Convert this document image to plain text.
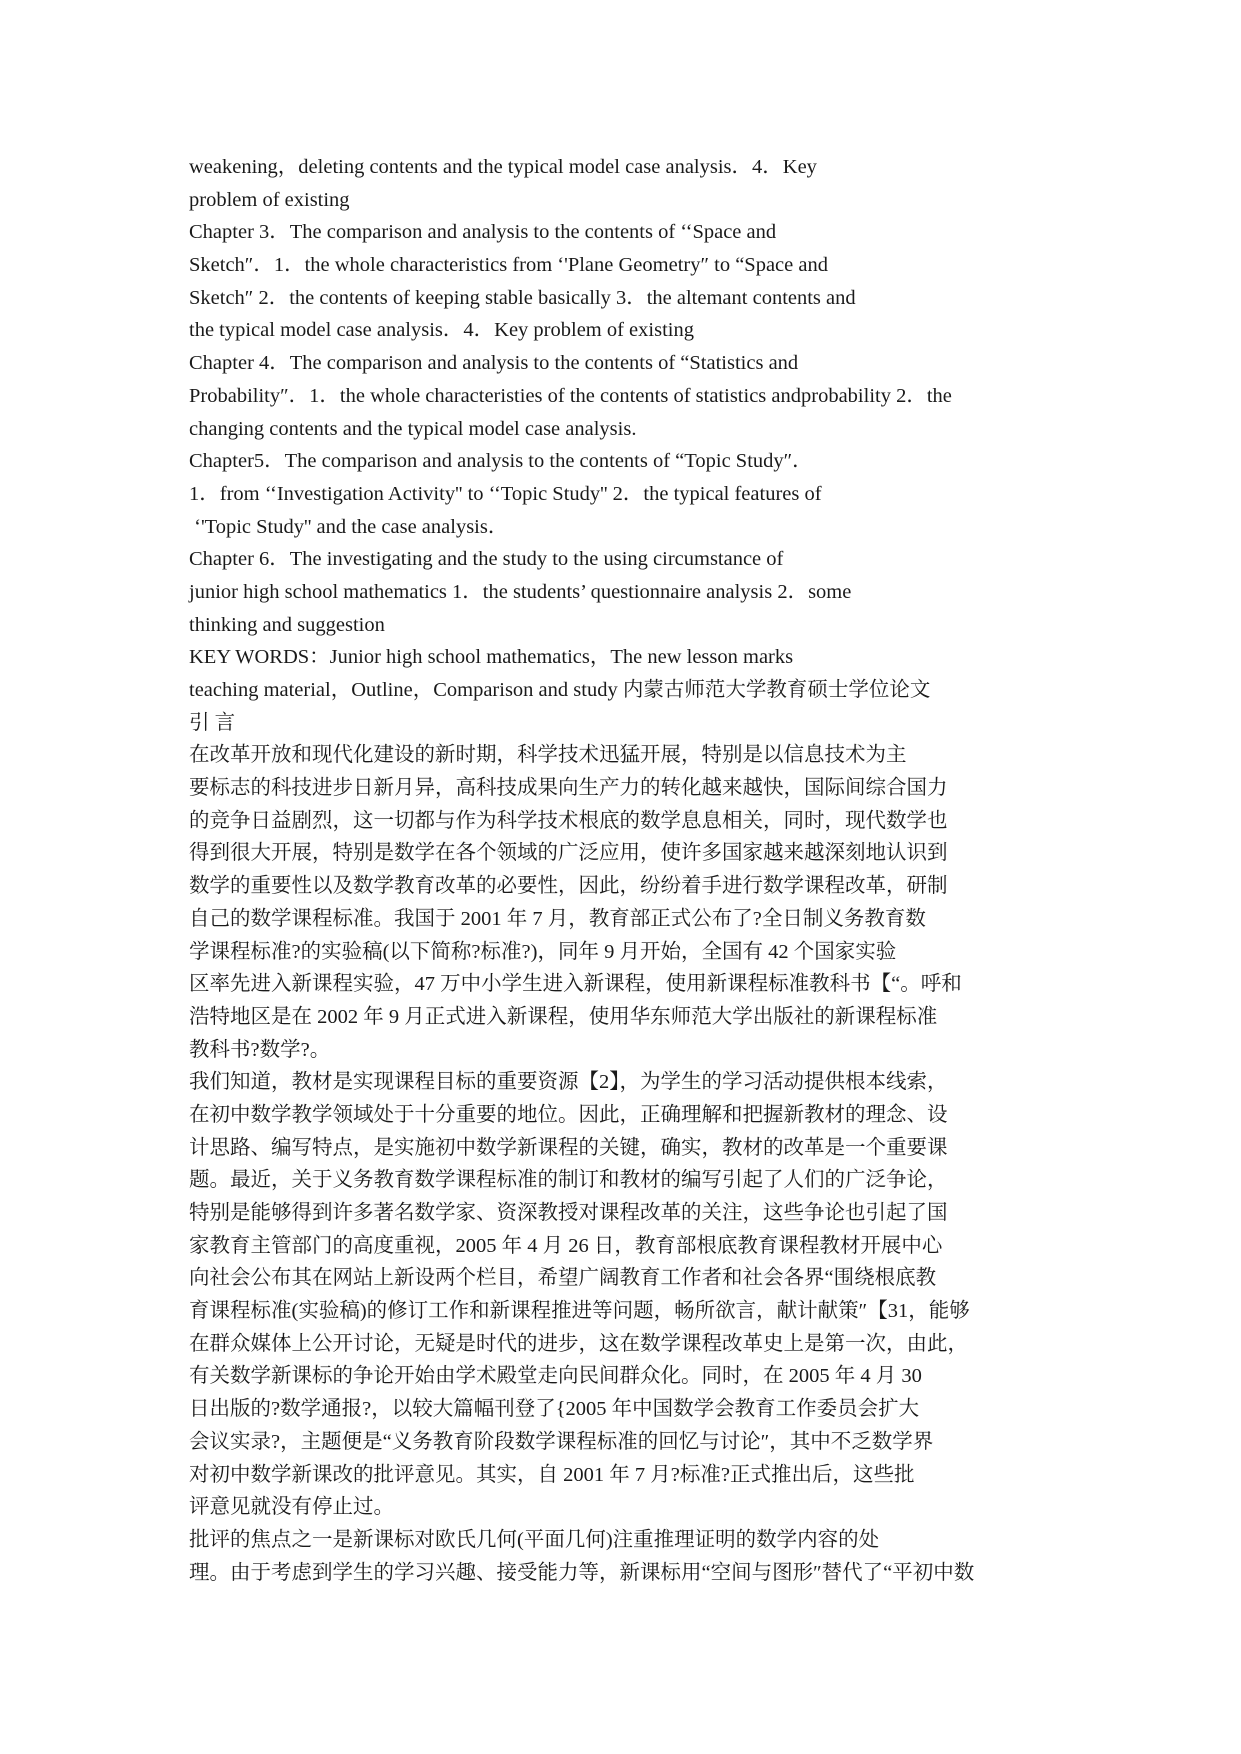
weakening，deleting contents and the typical model case analysis．4．Key
problem of existing
Chapter 3．The comparison and analysis to the contents of ‘‘Space and
Sketch″．1．the whole characteristics from ‘'Plane Geometry″ to “Space and
Sketch″ 2．the contents of keeping stable basically 3．the altemant contents and
the typical model case analysis．4．Key problem of existing
Chapter 4．The comparison and analysis to the contents of “Statistics and
Probability″．1．the whole characteristies of the contents of statistics andprobability 2．the
changing contents and the typical model case analysis.
Chapter5．The comparison and analysis to the contents of “Topic Study″．
1．from ‘‘Investigation Activity'' to ‘‘Topic Study'' 2．the typical features of
‘'Topic Study'' and the case analysis．
Chapter 6．The investigating and the study to the using circumstance of
junior high school mathematics 1．the students’ questionnaire analysis 2．some
thinking and suggestion
KEY WORDS：Junior high school mathematics，The new lesson marks
teaching material，Outline，Comparison and study 内蒙古师范大学教育硕士学位论文
引 言
在改革开放和现代化建设的新时期，科学技术迅猛开展，特别是以信息技术为主
要标志的科技进步日新月异，高科技成果向生产力的转化越来越快，国际间综合国力
的竞争日益剧烈，这一切都与作为科学技术根底的数学息息相关，同时，现代数学也
得到很大开展，特别是数学在各个领域的广泛应用，使许多国家越来越深刻地认识到
数学的重要性以及数学教育改革的必要性，因此，纷纷着手进行数学课程改革，研制
自己的数学课程标准。我国于 2001 年 7 月，教育部正式公布了?全日制义务教育数
学课程标准?的实验稿(以下简称?标准?)，同年 9 月开始，全国有 42 个国家实验
区率先进入新课程实验，47 万中小学生进入新课程，使用新课程标准教科书【“。呼和
浩特地区是在 2002 年 9 月正式进入新课程，使用华东师范大学出版社的新课程标准
教科书?数学?。
我们知道，教材是实现课程目标的重要资源【2】，为学生的学习活动提供根本线索，
在初中数学教学领域处于十分重要的地位。因此，正确理解和把握新教材的理念、设
计思路、编写特点，是实施初中数学新课程的关键，确实，教材的改革是一个重要课
题。最近，关于义务教育数学课程标准的制订和教材的编写引起了人们的广泛争论，
特别是能够得到许多著名数学家、资深教授对课程改革的关注，这些争论也引起了国
家教育主管部门的高度重视，2005 年 4 月 26 日，教育部根底教育课程教材开展中心
向社会公布其在网站上新设两个栏目，希望广阔教育工作者和社会各界“围绕根底教
育课程标准(实验稿)的修订工作和新课程推进等问题，畅所欲言，献计献策″【31，能够
在群众媒体上公开讨论，无疑是时代的进步，这在数学课程改革史上是第一次，由此，
有关数学新课标的争论开始由学术殿堂走向民间群众化。同时，在 2005 年 4 月 30
日出版的?数学通报?，以较大篇幅刊登了{2005 年中国数学会教育工作委员会扩大
会议实录?，主题便是“义务教育阶段数学课程标准的回忆与讨论″，其中不乏数学界
对初中数学新课改的批评意见。其实，自 2001 年 7 月?标准?正式推出后，这些批
评意见就没有停止过。
批评的焦点之一是新课标对欧氏几何(平面几何)注重推理证明的数学内容的处
理。由于考虑到学生的学习兴趣、接受能力等，新课标用“空间与图形″替代了“平初中数
